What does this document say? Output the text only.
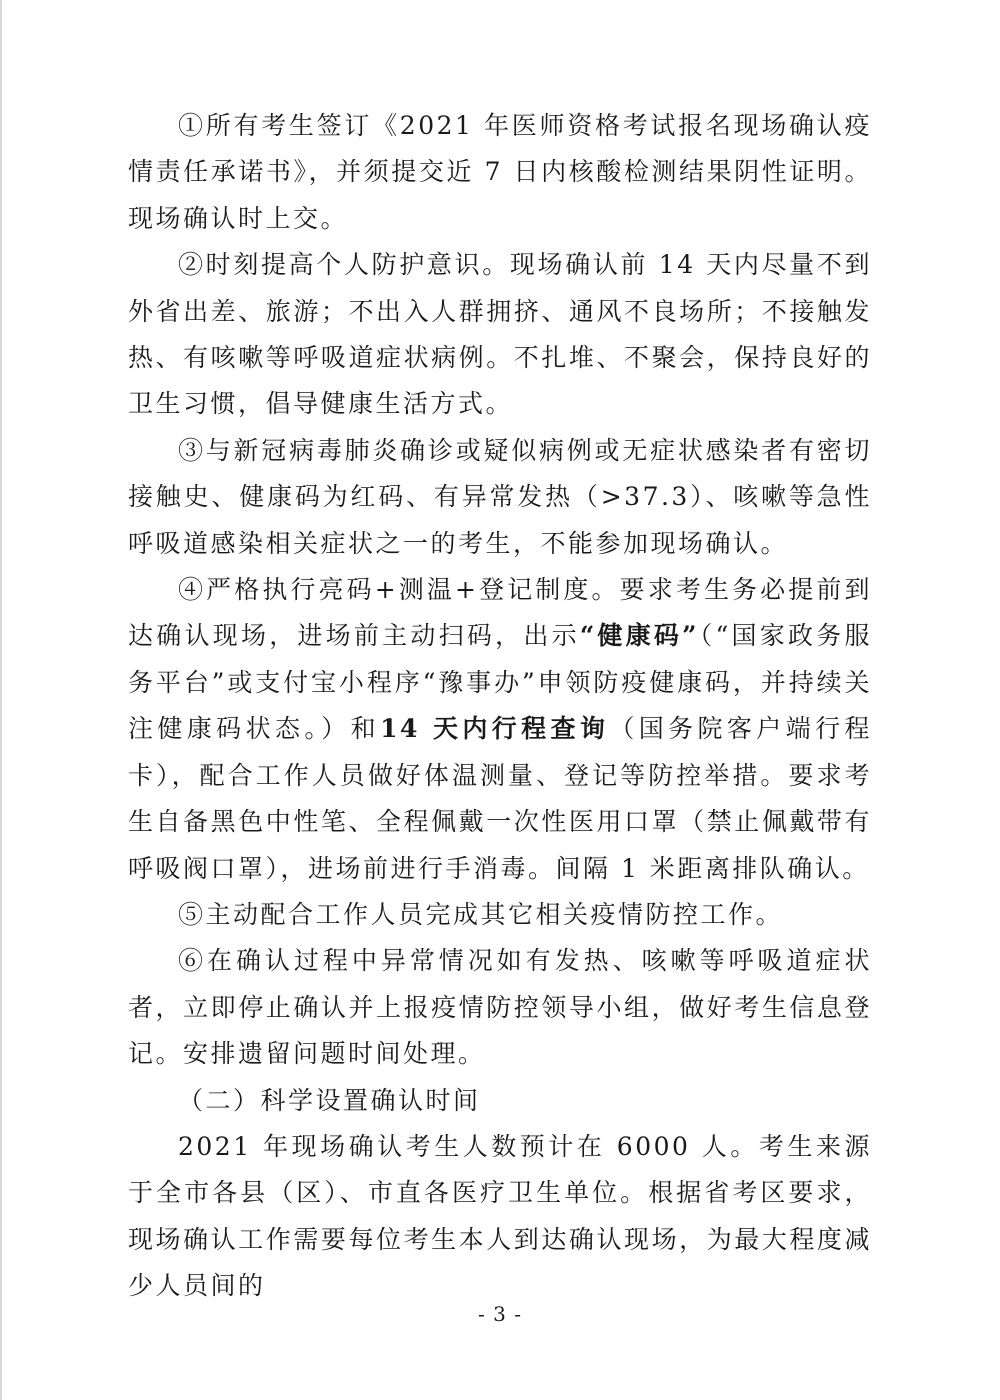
①所有考生签订《2021 年医师资格考试报名现场确认疫情责任承诺书》，并须提交近 7 日内核酸检测结果阴性证明。现场确认时上交。

②时刻提高个人防护意识。现场确认前 14 天内尽量不到外省出差、旅游；不出入人群拥挤、通风不良场所；不接触发热、有咳嗽等呼吸道症状病例。不扎堆、不聚会，保持良好的卫生习惯，倡导健康生活方式。

③与新冠病毒肺炎确诊或疑似病例或无症状感染者有密切接触史、健康码为红码、有异常发热（>37.3）、咳嗽等急性呼吸道感染相关症状之一的考生，不能参加现场确认。

④严格执行亮码+测温+登记制度。要求考生务必提前到达确认现场，进场前主动扫码，出示“健康码”（“国家政务服务平台”或支付宝小程序“豫事办”申领防疫健康码，并持续关注健康码状态。）和14 天内行程查询（国务院客户端行程卡），配合工作人员做好体温测量、登记等防控举措。要求考生自备黑色中性笔、全程佩戴一次性医用口罩（禁止佩戴带有呼吸阀口罩），进场前进行手消毒。间隔 1 米距离排队确认。

⑤主动配合工作人员完成其它相关疫情防控工作。

⑥在确认过程中异常情况如有发热、咳嗽等呼吸道症状者，立即停止确认并上报疫情防控领导小组，做好考生信息登记。安排遗留问题时间处理。

（二）科学设置确认时间

2021 年现场确认考生人数预计在 6000 人。考生来源于全市各县（区）、市直各医疗卫生单位。根据省考区要求，现场确认工作需要每位考生本人到达确认现场，为最大程度减少人员间的

- 3 -
